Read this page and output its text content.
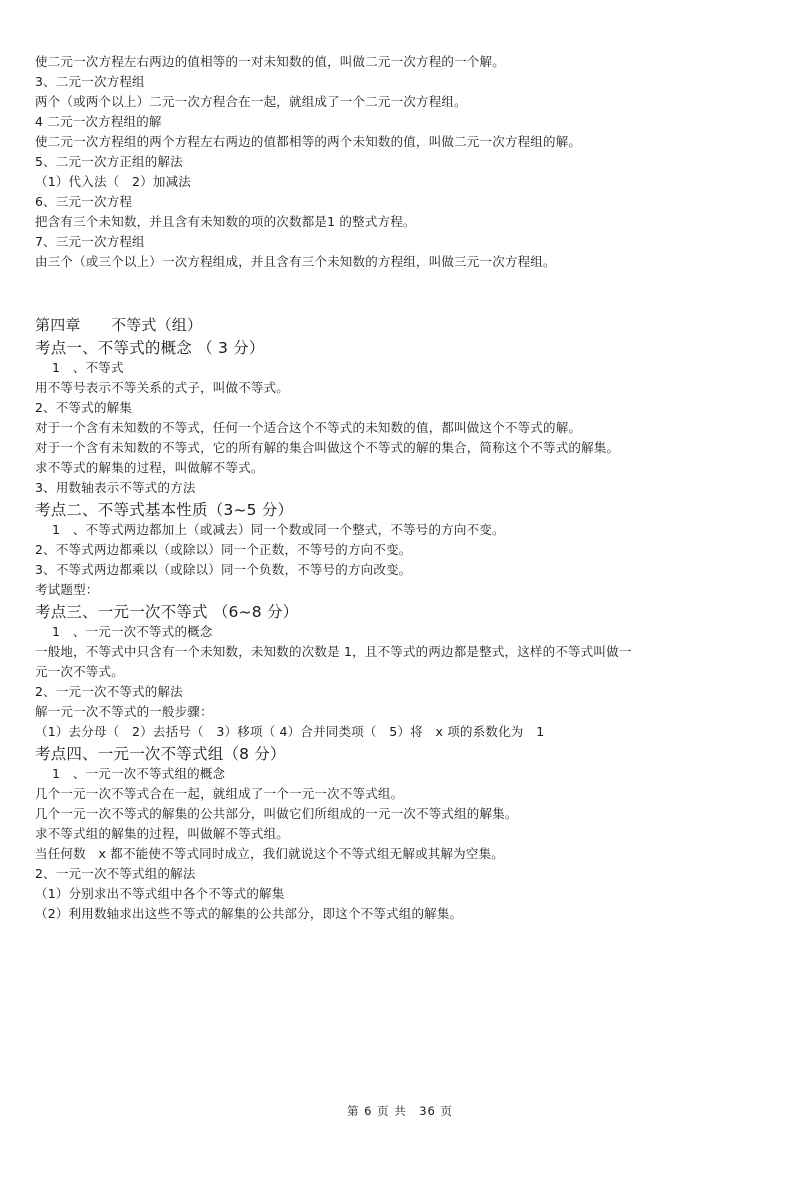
使二元一次方程左右两边的值相等的一对未知数的值，叫做二元一次方程的一个解。
3、二元一次方程组
两个（或两个以上）二元一次方程合在一起，就组成了一个二元一次方程组。
4 二元一次方程组的解
使二元一次方程组的两个方程左右两边的值都相等的两个未知数的值，叫做二元一次方程组的解。
5、二元一次方正组的解法
（1）代入法（　2）加减法
6、三元一次方程
把含有三个未知数，并且含有未知数的项的次数都是1 的整式方程。
7、三元一次方程组
由三个（或三个以上）一次方程组成，并且含有三个未知数的方程组，叫做三元一次方程组。
第四章　　不等式（组）
考点一、不等式的概念 （ 3 分）
1　、不等式
用不等号表示不等关系的式子，叫做不等式。
2、不等式的解集
对于一个含有未知数的不等式，任何一个适合这个不等式的未知数的值，都叫做这个不等式的解。
对于一个含有未知数的不等式，它的所有解的集合叫做这个不等式的解的集合，简称这个不等式的解集。
求不等式的解集的过程，叫做解不等式。
3、用数轴表示不等式的方法
考点二、不等式基本性质（3~5 分）
1　、不等式两边都加上（或减去）同一个数或同一个整式，不等号的方向不变。
2、不等式两边都乘以（或除以）同一个正数，不等号的方向不变。
3、不等式两边都乘以（或除以）同一个负数，不等号的方向改变。
考试题型：
考点三、一元一次不等式 （6~8 分）
1　、一元一次不等式的概念
一般地，不等式中只含有一个未知数，未知数的次数是 1，且不等式的两边都是整式，这样的不等式叫做一
元一次不等式。
2、一元一次不等式的解法
解一元一次不等式的一般步骤：
（1）去分母（　2）去括号（　3）移项（ 4）合并同类项（　5）将　x 项的系数化为　1
考点四、一元一次不等式组（8 分）
1　、一元一次不等式组的概念
几个一元一次不等式合在一起，就组成了一个一元一次不等式组。
几个一元一次不等式的解集的公共部分，叫做它们所组成的一元一次不等式组的解集。
求不等式组的解集的过程，叫做解不等式组。
当任何数　x 都不能使不等式同时成立，我们就说这个不等式组无解或其解为空集。
2、一元一次不等式组的解法
（1）分别求出不等式组中各个不等式的解集
（2）利用数轴求出这些不等式的解集的公共部分，即这个不等式组的解集。
第 6 页 共　36 页
